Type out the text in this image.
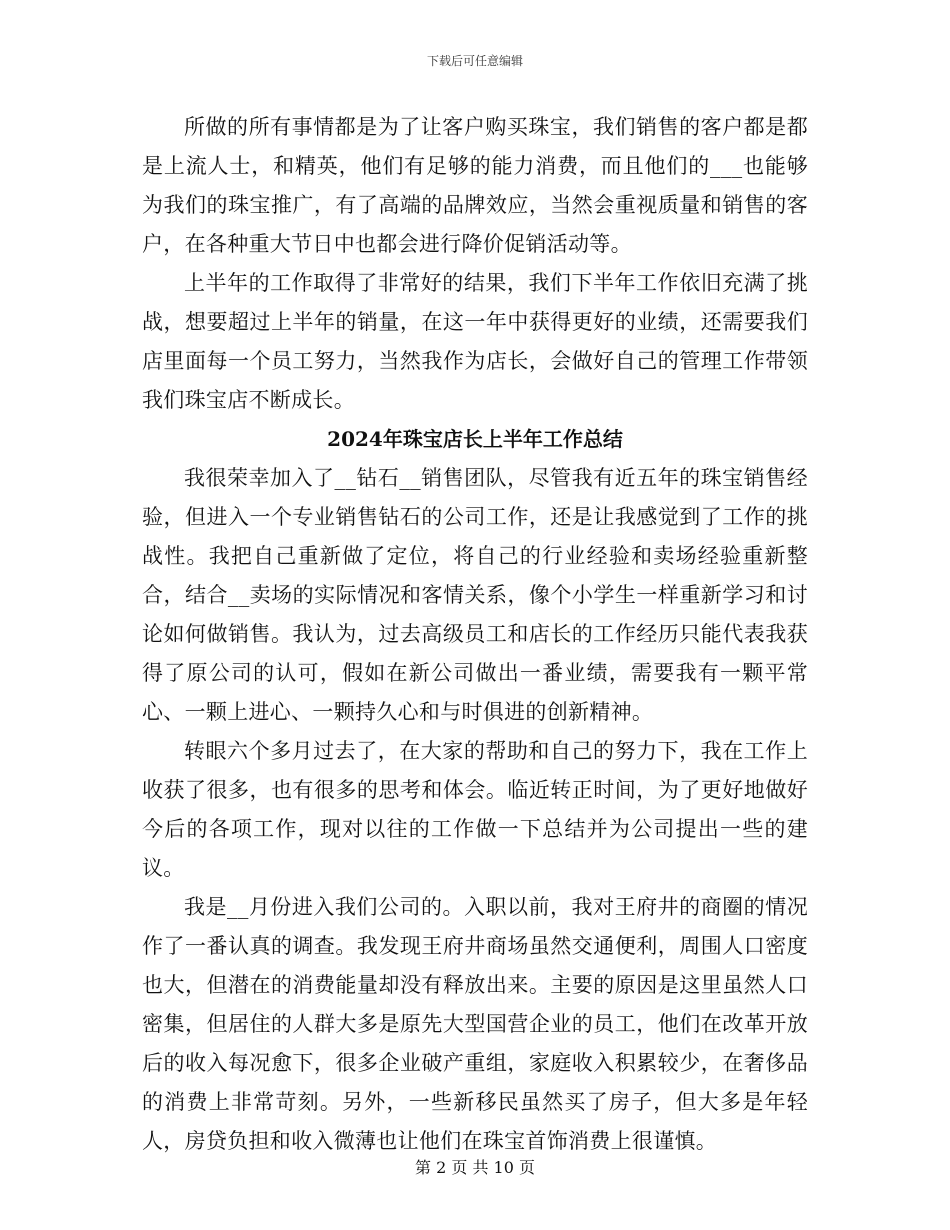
下载后可任意编辑

所做的所有事情都是为了让客户购买珠宝，我们销售的客户都是都是上流人士，和精英，他们有足够的能力消费，而且他们的___也能够为我们的珠宝推广，有了高端的品牌效应，当然会重视质量和销售的客户，在各种重大节日中也都会进行降价促销活动等。

上半年的工作取得了非常好的结果，我们下半年工作依旧充满了挑战，想要超过上半年的销量，在这一年中获得更好的业绩，还需要我们店里面每一个员工努力，当然我作为店长，会做好自己的管理工作带领我们珠宝店不断成长。

2024年珠宝店长上半年工作总结

我很荣幸加入了__钻石__销售团队，尽管我有近五年的珠宝销售经验，但进入一个专业销售钻石的公司工作，还是让我感觉到了工作的挑战性。我把自己重新做了定位，将自己的行业经验和卖场经验重新整合，结合__卖场的实际情况和客情关系，像个小学生一样重新学习和讨论如何做销售。我认为，过去高级员工和店长的工作经历只能代表我获得了原公司的认可，假如在新公司做出一番业绩，需要我有一颗平常心、一颗上进心、一颗持久心和与时俱进的创新精神。

转眼六个多月过去了，在大家的帮助和自己的努力下，我在工作上收获了很多，也有很多的思考和体会。临近转正时间，为了更好地做好今后的各项工作，现对以往的工作做一下总结并为公司提出一些的建议。

我是__月份进入我们公司的。入职以前，我对王府井的商圈的情况作了一番认真的调查。我发现王府井商场虽然交通便利，周围人口密度也大，但潜在的消费能量却没有释放出来。主要的原因是这里虽然人口密集，但居住的人群大多是原先大型国营企业的员工，他们在改革开放后的收入每况愈下，很多企业破产重组，家庭收入积累较少，在奢侈品的消费上非常苛刻。另外，一些新移民虽然买了房子，但大多是年轻人，房贷负担和收入微薄也让他们在珠宝首饰消费上很谨慎。

第 2 页 共 10 页
